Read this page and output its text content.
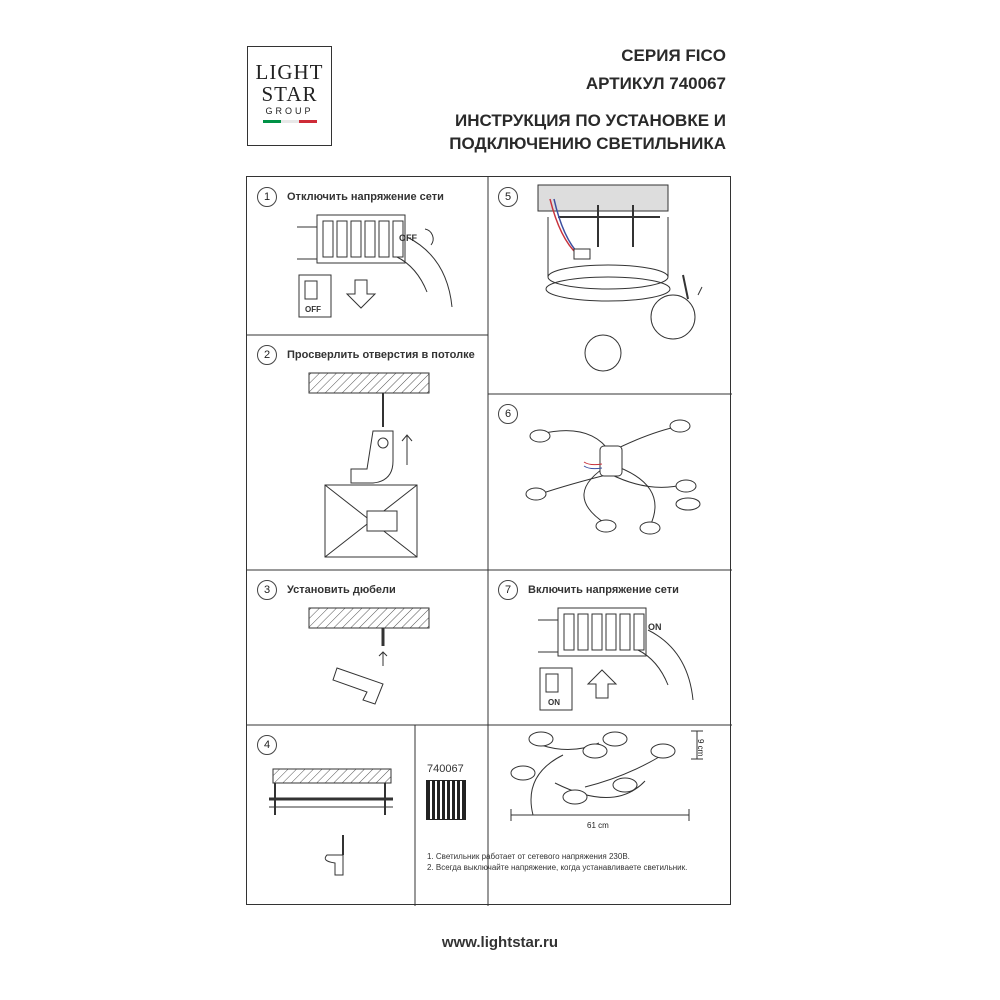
LIGHT
STAR
GROUP
СЕРИЯ FICO
АРТИКУЛ 740067
ИНСТРУКЦИЯ ПО УСТАНОВКЕ И
ПОДКЛЮЧЕНИЮ СВЕТИЛЬНИКА
1	Отключить напряжение сети
OFF
OFF
5
2	Просверлить отверстия в потолке
6
3	Установить дюбели	7	Включить напряжение сети
ON
ON
4
740067
61 cm
9 cm
1. Светильник работает от сетевого напряжения 230В.
2. Всегда выключайте напряжение, когда устанавливаете светильник.
www.lightstar.ru
